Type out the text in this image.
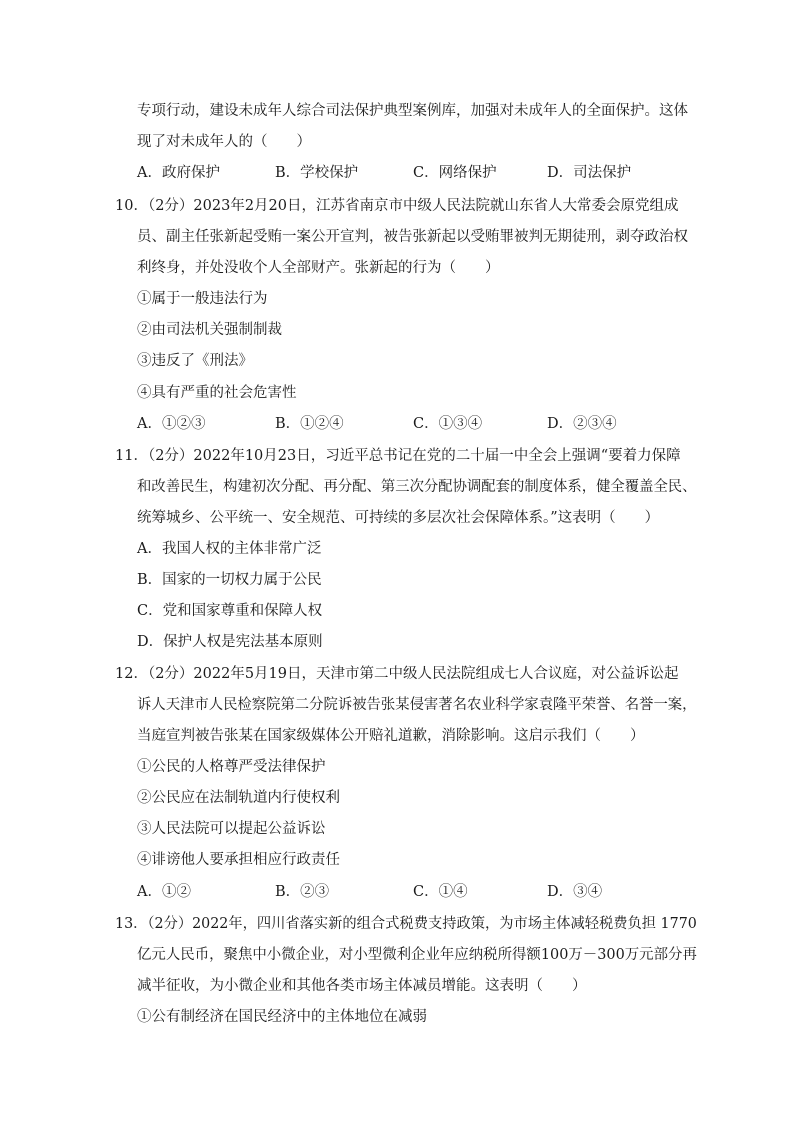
专项行动，建设未成年人综合司法保护典型案例库，加强对未成年人的全面保护。这体
现了对未成年人的（　　）
A．政府保护	B．学校保护	C．网络保护	D．司法保护
10．（2分）2023年2月20日，江苏省南京市中级人民法院就山东省人大常委会原党组成
员、副主任张新起受贿一案公开宣判，被告张新起以受贿罪被判无期徒刑，剥夺政治权
利终身，并处没收个人全部财产。张新起的行为（　　）
①属于一般违法行为
②由司法机关强制制裁
③违反了《刑法》
④具有严重的社会危害性
A．①②③	B．①②④	C．①③④	D．②③④
11．（2分）2022年10月23日，习近平总书记在党的二十届一中全会上强调“要着力保障
和改善民生，构建初次分配、再分配、第三次分配协调配套的制度体系，健全覆盖全民、
统筹城乡、公平统一、安全规范、可持续的多层次社会保障体系。”这表明（　　）
A．我国人权的主体非常广泛
B．国家的一切权力属于公民
C．党和国家尊重和保障人权
D．保护人权是宪法基本原则
12．（2分）2022年5月19日，天津市第二中级人民法院组成七人合议庭，对公益诉讼起
诉人天津市人民检察院第二分院诉被告张某侵害著名农业科学家袁隆平荣誉、名誉一案，
当庭宣判被告张某在国家级媒体公开赔礼道歉，消除影响。这启示我们（　　）
①公民的人格尊严受法律保护
②公民应在法制轨道内行使权利
③人民法院可以提起公益诉讼
④诽谤他人要承担相应行政责任
A．①②	B．②③	C．①④	D．③④
13．（2分）2022年，四川省落实新的组合式税费支持政策，为市场主体减轻税费负担 1770
亿元人民币，聚焦中小微企业，对小型微利企业年应纳税所得额100万－300万元部分再
减半征收，为小微企业和其他各类市场主体减员增能。这表明（　　）
①公有制经济在国民经济中的主体地位在减弱
